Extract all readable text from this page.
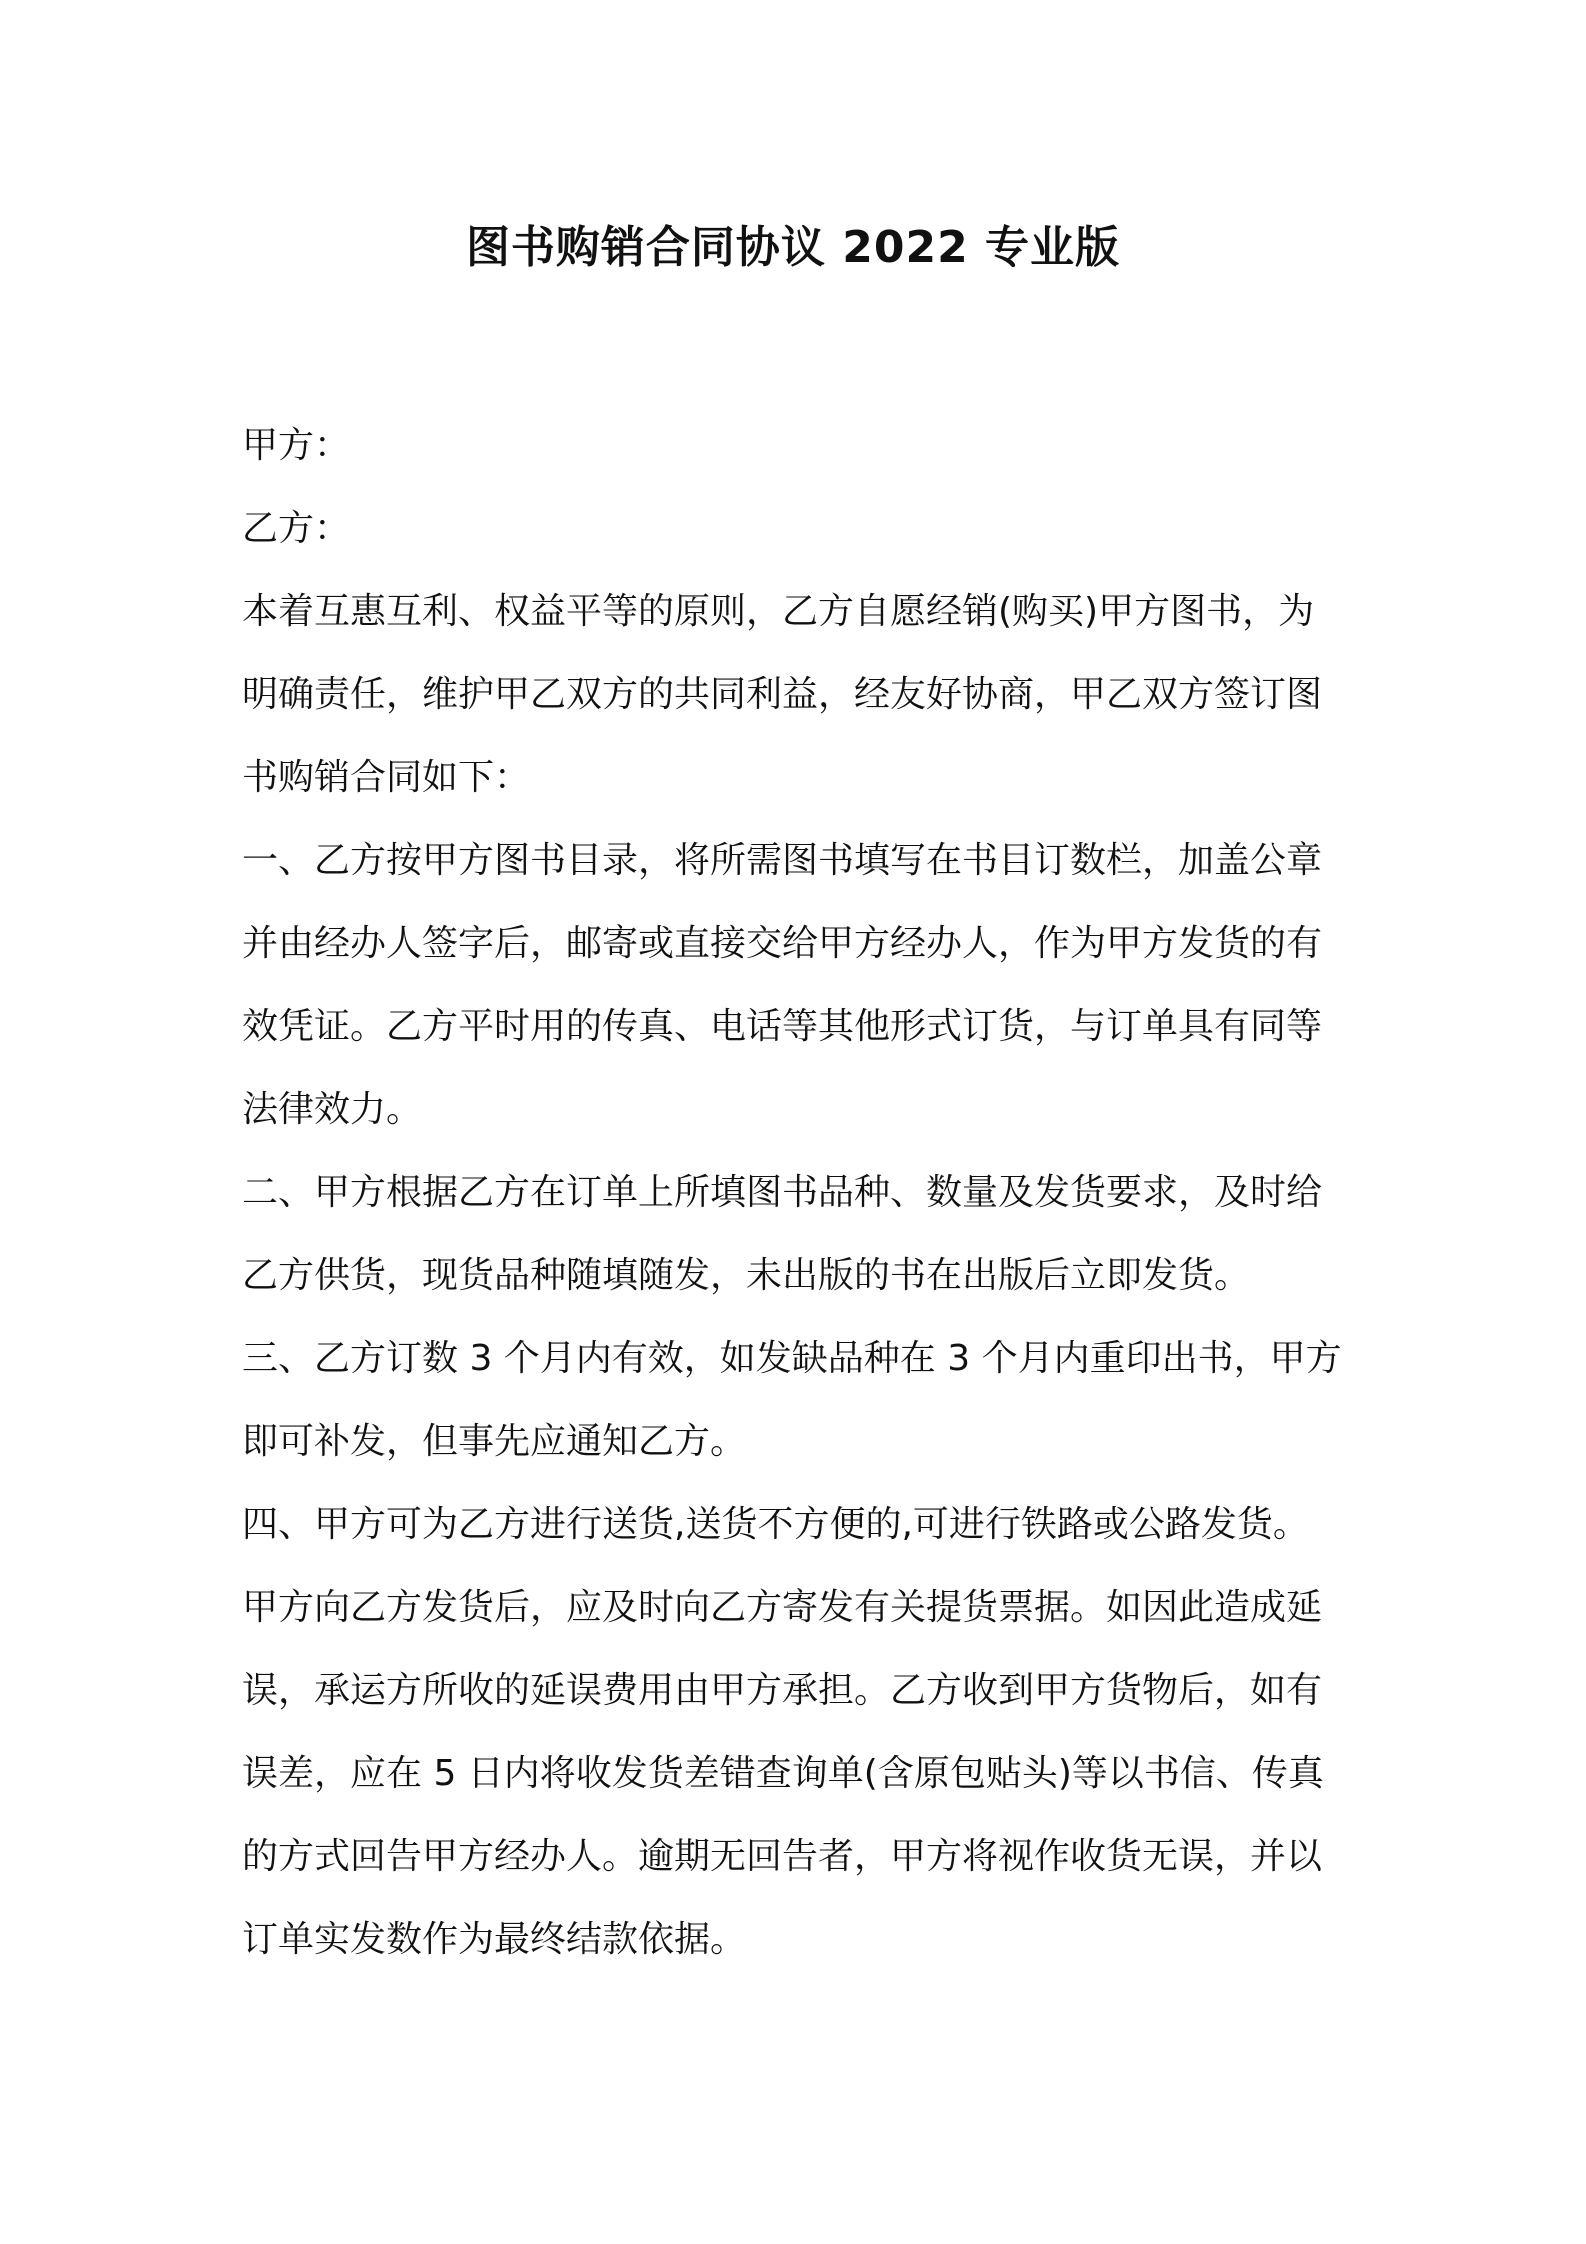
图书购销合同协议 2022 专业版
甲方：
乙方：
本着互惠互利、权益平等的原则，乙方自愿经销(购买)甲方图书，为
明确责任，维护甲乙双方的共同利益，经友好协商，甲乙双方签订图
书购销合同如下：
一、乙方按甲方图书目录，将所需图书填写在书目订数栏，加盖公章
并由经办人签字后，邮寄或直接交给甲方经办人，作为甲方发货的有
效凭证。乙方平时用的传真、电话等其他形式订货，与订单具有同等
法律效力。
二、甲方根据乙方在订单上所填图书品种、数量及发货要求，及时给
乙方供货，现货品种随填随发，未出版的书在出版后立即发货。
三、乙方订数 3 个月内有效，如发缺品种在 3 个月内重印出书，甲方
即可补发，但事先应通知乙方。
四、甲方可为乙方进行送货,送货不方便的,可进行铁路或公路发货。
甲方向乙方发货后，应及时向乙方寄发有关提货票据。如因此造成延
误，承运方所收的延误费用由甲方承担。乙方收到甲方货物后，如有
误差，应在 5 日内将收发货差错查询单(含原包贴头)等以书信、传真
的方式回告甲方经办人。逾期无回告者，甲方将视作收货无误，并以
订单实发数作为最终结款依据。
